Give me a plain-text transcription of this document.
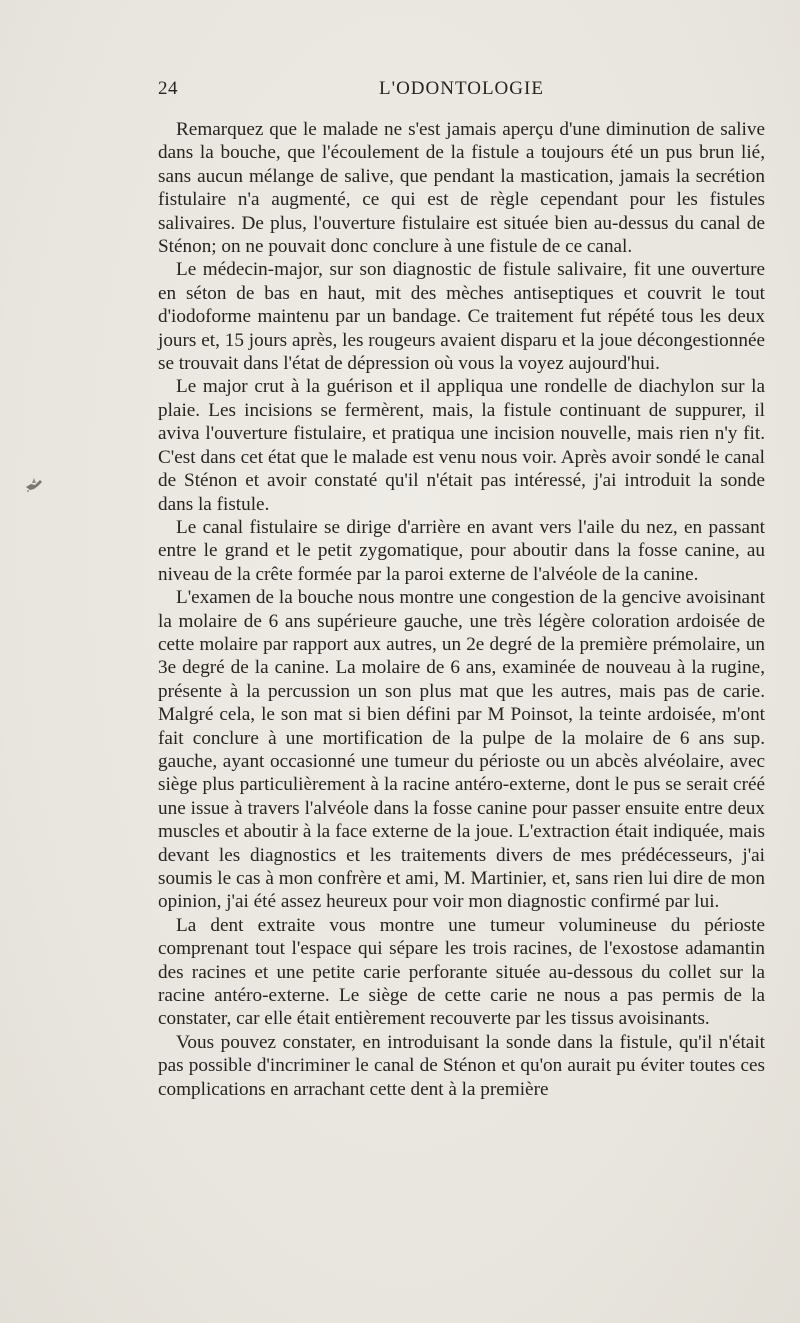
24	L'ODONTOLOGIE

Remarquez que le malade ne s'est jamais aperçu d'une diminution de salive dans la bouche, que l'écoulement de la fistule a toujours été un pus brun lié, sans aucun mélange de salive, que pendant la mastication, jamais la secrétion fistulaire n'a augmenté, ce qui est de règle cependant pour les fistules salivaires. De plus, l'ouverture fistulaire est située bien au-dessus du canal de Sténon; on ne pouvait donc conclure à une fistule de ce canal.

Le médecin-major, sur son diagnostic de fistule salivaire, fit une ouverture en séton de bas en haut, mit des mèches antiseptiques et couvrit le tout d'iodoforme maintenu par un bandage. Ce traitement fut répété tous les deux jours et, 15 jours après, les rougeurs avaient disparu et la joue décongestionnée se trouvait dans l'état de dépression où vous la voyez aujourd'hui.

Le major crut à la guérison et il appliqua une rondelle de diachylon sur la plaie. Les incisions se fermèrent, mais, la fistule continuant de suppurer, il aviva l'ouverture fistulaire, et pratiqua une incision nouvelle, mais rien n'y fit. C'est dans cet état que le malade est venu nous voir. Après avoir sondé le canal de Sténon et avoir constaté qu'il n'était pas intéressé, j'ai introduit la sonde dans la fistule.

Le canal fistulaire se dirige d'arrière en avant vers l'aile du nez, en passant entre le grand et le petit zygomatique, pour aboutir dans la fosse canine, au niveau de la crête formée par la paroi externe de l'alvéole de la canine.

L'examen de la bouche nous montre une congestion de la gencive avoisinant la molaire de 6 ans supérieure gauche, une très légère coloration ardoisée de cette molaire par rapport aux autres, un 2e degré de la première prémolaire, un 3e degré de la canine. La molaire de 6 ans, examinée de nouveau à la rugine, présente à la percussion un son plus mat que les autres, mais pas de carie. Malgré cela, le son mat si bien défini par M Poinsot, la teinte ardoisée, m'ont fait conclure à une mortification de la pulpe de la molaire de 6 ans sup. gauche, ayant occasionné une tumeur du périoste ou un abcès alvéolaire, avec siège plus particulièrement à la racine antéro-externe, dont le pus se serait créé une issue à travers l'alvéole dans la fosse canine pour passer ensuite entre deux muscles et aboutir à la face externe de la joue. L'extraction était indiquée, mais devant les diagnostics et les traitements divers de mes prédécesseurs, j'ai soumis le cas à mon confrère et ami, M. Martinier, et, sans rien lui dire de mon opinion, j'ai été assez heureux pour voir mon diagnostic confirmé par lui.

La dent extraite vous montre une tumeur volumineuse du périoste comprenant tout l'espace qui sépare les trois racines, de l'exostose adamantin des racines et une petite carie perforante située au-dessous du collet sur la racine antéro-externe. Le siège de cette carie ne nous a pas permis de la constater, car elle était entièrement recouverte par les tissus avoisinants.

Vous pouvez constater, en introduisant la sonde dans la fistule, qu'il n'était pas possible d'incriminer le canal de Sténon et qu'on aurait pu éviter toutes ces complications en arrachant cette dent à la première
